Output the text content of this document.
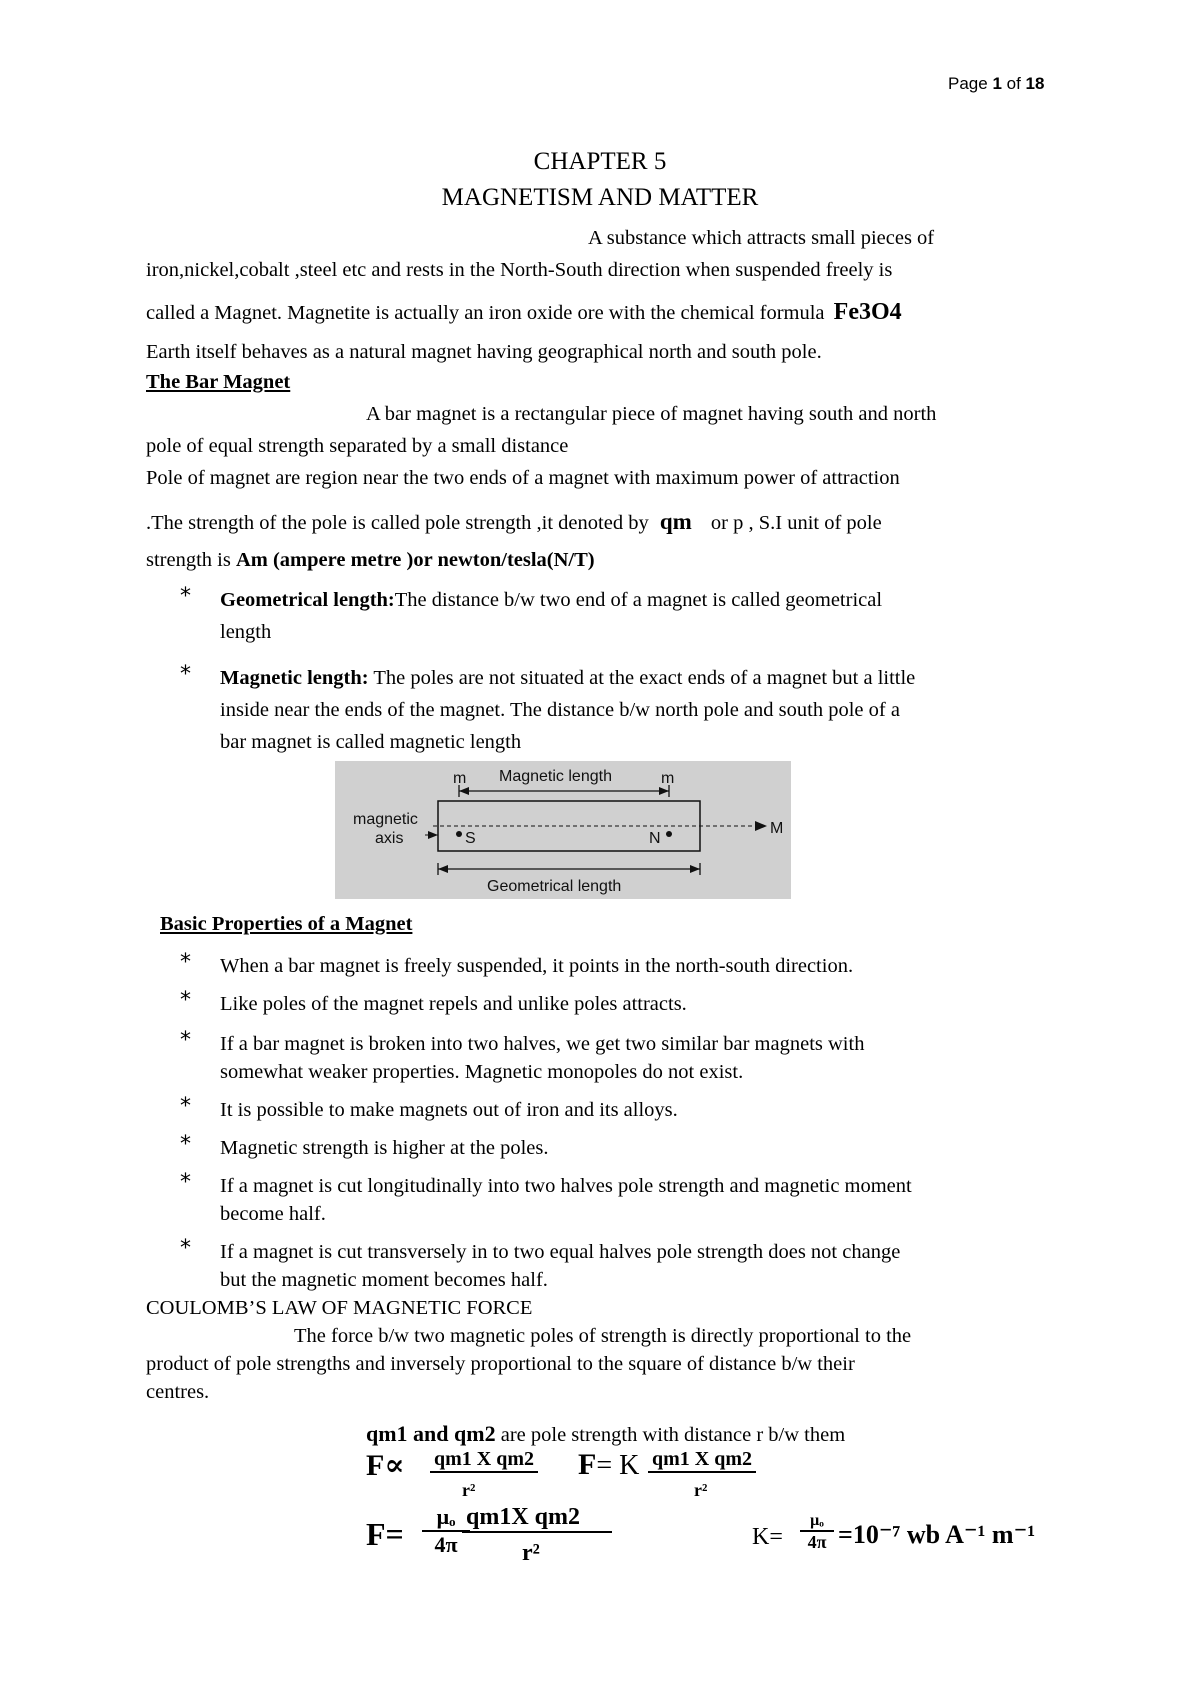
Page 1 of 18
CHAPTER 5
MAGNETISM AND MATTER
A substance which attracts small pieces of
iron,nickel,cobalt ,steel etc and rests in the North-South direction when suspended freely is
called a Magnet. Magnetite is actually an iron oxide ore with the chemical formula Fe3O4
Earth itself behaves as a natural magnet having geographical north and south pole.
The Bar Magnet
A bar magnet is a rectangular piece of magnet having south and north
pole of equal strength separated by a small distance
Pole of magnet are region near the two ends of a magnet with maximum power of attraction
.The strength of the pole is called pole strength ,it denoted by qm or p , S.I unit of pole
strength is Am (ampere metre )or newton/tesla(N/T)
* Geometrical length:The distance b/w two end of a magnet is called geometrical
length
* Magnetic length: The poles are not situated at the exact ends of a magnet but a little
inside near the ends of the magnet. The distance b/w north pole and south pole of a
bar magnet is called magnetic length
m Magnetic length	m
magnetic
axis	S	N
M
Geometrical length
Basic Properties of a Magnet
* When a bar magnet is freely suspended, it points in the north-south direction.
* Like poles of the magnet repels and unlike poles attracts.
* If a bar magnet is broken into two halves, we get two similar bar magnets with
somewhat weaker properties. Magnetic monopoles do not exist.
* It is possible to make magnets out of iron and its alloys.
* Magnetic strength is higher at the poles.
* If a magnet is cut longitudinally into two halves pole strength and magnetic moment
become half.
* If a magnet is cut transversely in to two equal halves pole strength does not change
but the magnetic moment becomes half.
COULOMB’S LAW OF MAGNETIC FORCE
The force b/w two magnetic poles of strength is directly proportional to the
product of pole strengths and inversely proportional to the square of distance b/w their
centres.
qm1 and qm2 are pole strength with distance r b/w them
F∝ qm1 X qm2
r²
F= K qm1 X qm2
r²
F=	μₒ
4π
qm1X qm2
r²
K=
μₒ
4π =10⁻⁷ wb A⁻¹ m⁻¹
